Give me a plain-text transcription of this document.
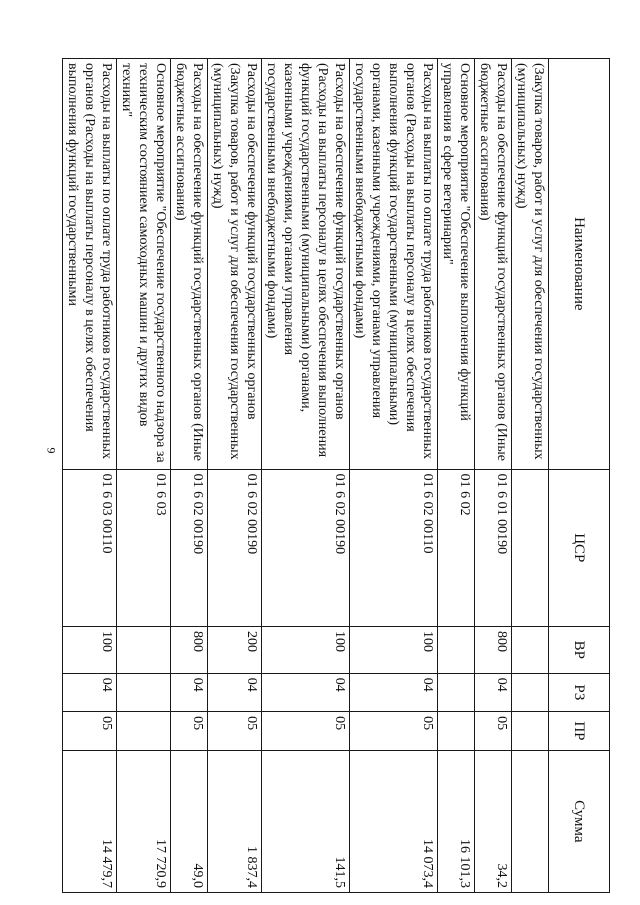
9
Наименование	ЦСР	ВР	РЗ	ПР	Сумма
(Закупка товаров, работ и услуг для обеспечения государственных (муниципальных) нужд)					
Расходы на обеспечение функций государственных органов (Иные бюджетные ассигнования)	01 6 01 00190	800	04	05	34,2
Основное мероприятие "Обеспечение выполнения функций управления в сфере ветеринарии"	01 6 02				16 101,3
Расходы на выплаты по оплате труда работников государственных органов (Расходы на выплаты персоналу в целях обеспечения выполнения функций государственными (муниципальными) органами, казенными учреждениями, органами управления государственными внебюджетными фондами)	01 6 02 00110	100	04	05	14 073,4
Расходы на обеспечение функций государственных органов (Расходы на выплаты персоналу в целях обеспечения выполнения функций государственными (муниципальными) органами, казенными учреждениями, органами управления государственными внебюджетными фондами)	01 6 02 00190	100	04	05	141,5
Расходы на обеспечение функций государственных органов (Закупка товаров, работ и услуг для обеспечения государственных (муниципальных) нужд)	01 6 02 00190	200	04	05	1 837,4
Расходы на обеспечение функций государственных органов (Иные бюджетные ассигнования)	01 6 02 00190	800	04	05	49,0
Основное мероприятие "Обеспечение государственного надзора за техническим состоянием самоходных машин и других видов техники"	01 6 03				17 720,9
Расходы на выплаты по оплате труда работников государственных органов (Расходы на выплаты персоналу в целях обеспечения выполнения функций государственными	01 6 03 00110	100	04	05	14 479,7
